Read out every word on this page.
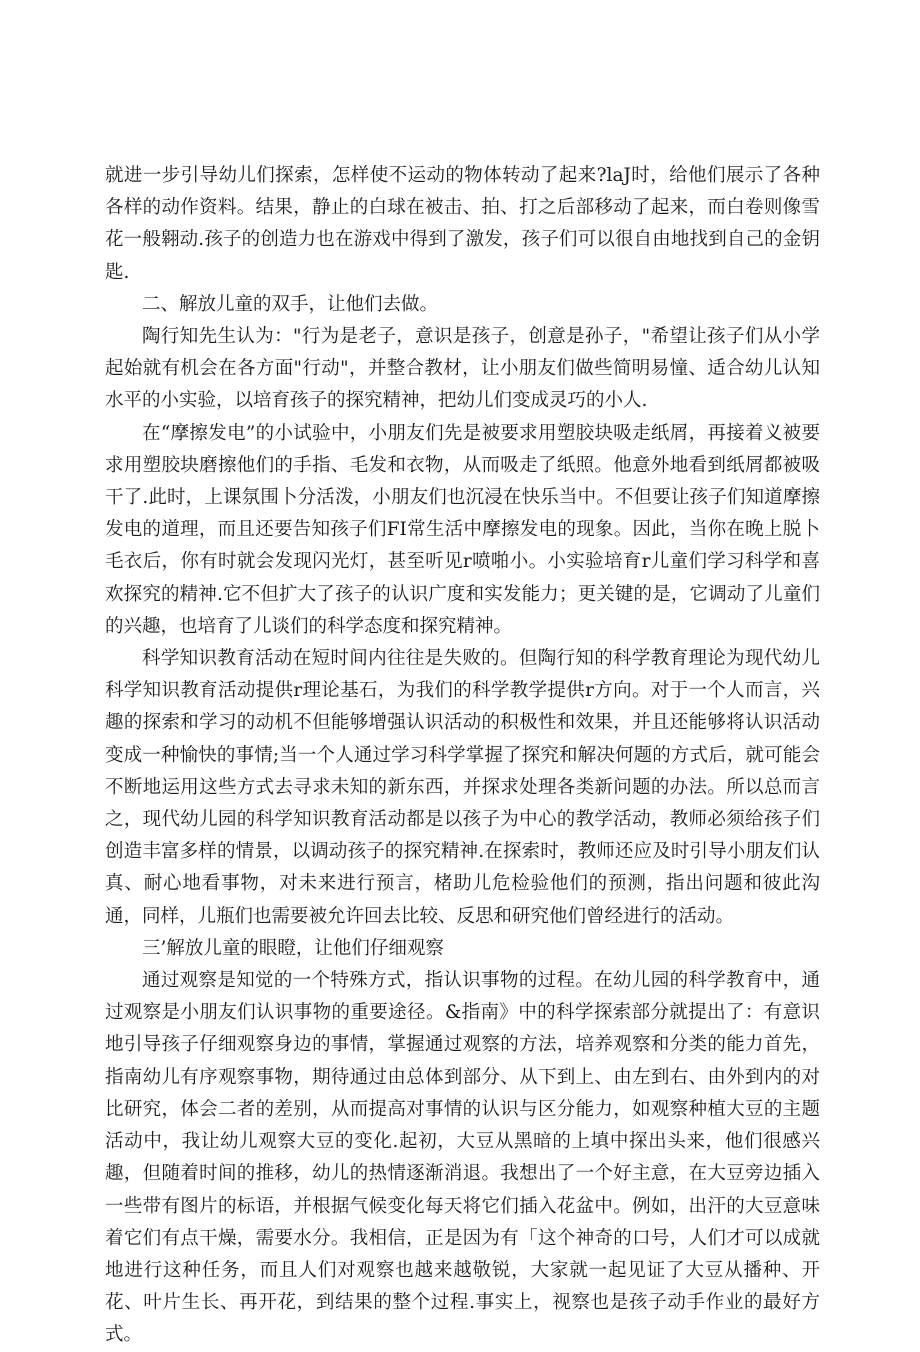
就进一步引导幼儿们探索，怎样使不运动的物体转动了起来?laJ时，给他们展示了各种各样的动作资料。结果，静止的白球在被击、拍、打之后部移动了起来，而白卷则像雪花一般翱动.孩子的创造力也在游戏中得到了激发，孩子们可以很自由地找到自己的金钥匙.

二、解放儿童的双手，让他们去做。

陶行知先生认为："行为是老子，意识是孩子，创意是孙子，"希望让孩子们从小学起始就有机会在各方面"行动"，并整合教材，让小朋友们做些简明易憧、适合幼儿认知水平的小实验，以培育孩子的探究精神，把幼儿们变成灵巧的小人.

在“摩擦发电”的小试验中，小朋友们先是被要求用塑胶块吸走纸屑，再接着义被要求用塑胶块磨擦他们的手指、毛发和衣物，从而吸走了纸照。他意外地看到纸屑都被吸干了.此时，上课氛围卜分活泼，小朋友们也沉浸在快乐当中。不但要让孩子们知道摩擦发电的道理，而且还要告知孩子们FI常生活中摩擦发电的现象。因此，当你在晚上脱卜毛衣后，你有时就会发现闪光灯，甚至听见r喷啪小。小实验培育r儿童们学习科学和喜欢探究的精神.它不但扩大了孩子的认识广度和实发能力；更关键的是，它调动了儿童们的兴趣，也培育了儿谈们的科学态度和探究精神。

科学知识教育活动在短时间内往往是失败的。但陶行知的科学教育理论为现代幼儿科学知识教育活动提供r理论基石，为我们的科学教学提供r方向。对于一个人而言，兴趣的探索和学习的动机不但能够增强认识活动的积极性和效果，并且还能够将认识活动变成一种愉快的事情;当一个人通过学习科学掌握了探究和解决何题的方式后，就可能会不断地运用这些方式去寻求未知的新东西，并探求处理各类新问题的办法。所以总而言之，现代幼儿园的科学知识教育活动都是以孩子为中心的教学活动，教师必须给孩子们创造丰富多样的情景，以调动孩子的探究精神.在探索时，教师还应及时引导小朋友们认真、耐心地看事物，对未来进行预言，楮助儿危检验他们的预测，指出问题和彼此沟通，同样，儿瓶们也需要被允许回去比较、反思和研究他们曾经进行的活动。

三’解放儿童的眼瞪，让他们仔细观察

通过观察是知觉的一个特殊方式，指认识事物的过程。在幼儿园的科学教育中，通过观察是小朋友们认识事物的重要途径。&指南》中的科学探索部分就提出了：有意识地引导孩子仔细观察身边的事情，掌握通过观察的方法，培养观察和分类的能力首先，指南幼儿有序观察事物，期待通过由总体到部分、从下到上、由左到右、由外到内的对比研究，体会二者的差别，从而提高对事情的认识与区分能力，如观察种植大豆的主题活动中，我让幼儿观察大豆的变化.起初，大豆从黑暗的上填中探出头来，他们很感兴趣，但随着时间的推移，幼儿的热情逐渐消退。我想出了一个好主意，在大豆旁边插入一些带有图片的标语，并根据气候变化每天将它们插入花盆中。例如，出汗的大豆意味着它们有点干燥，需要水分。我相信，正是因为有「这个神奇的口号，人们才可以成就地进行这种任务，而且人们对观察也越来越敬锐，大家就一起见证了大豆从播种、开花、叶片生长、再开花，到结果的整个过程.事实上，视察也是孩子动手作业的最好方式。
